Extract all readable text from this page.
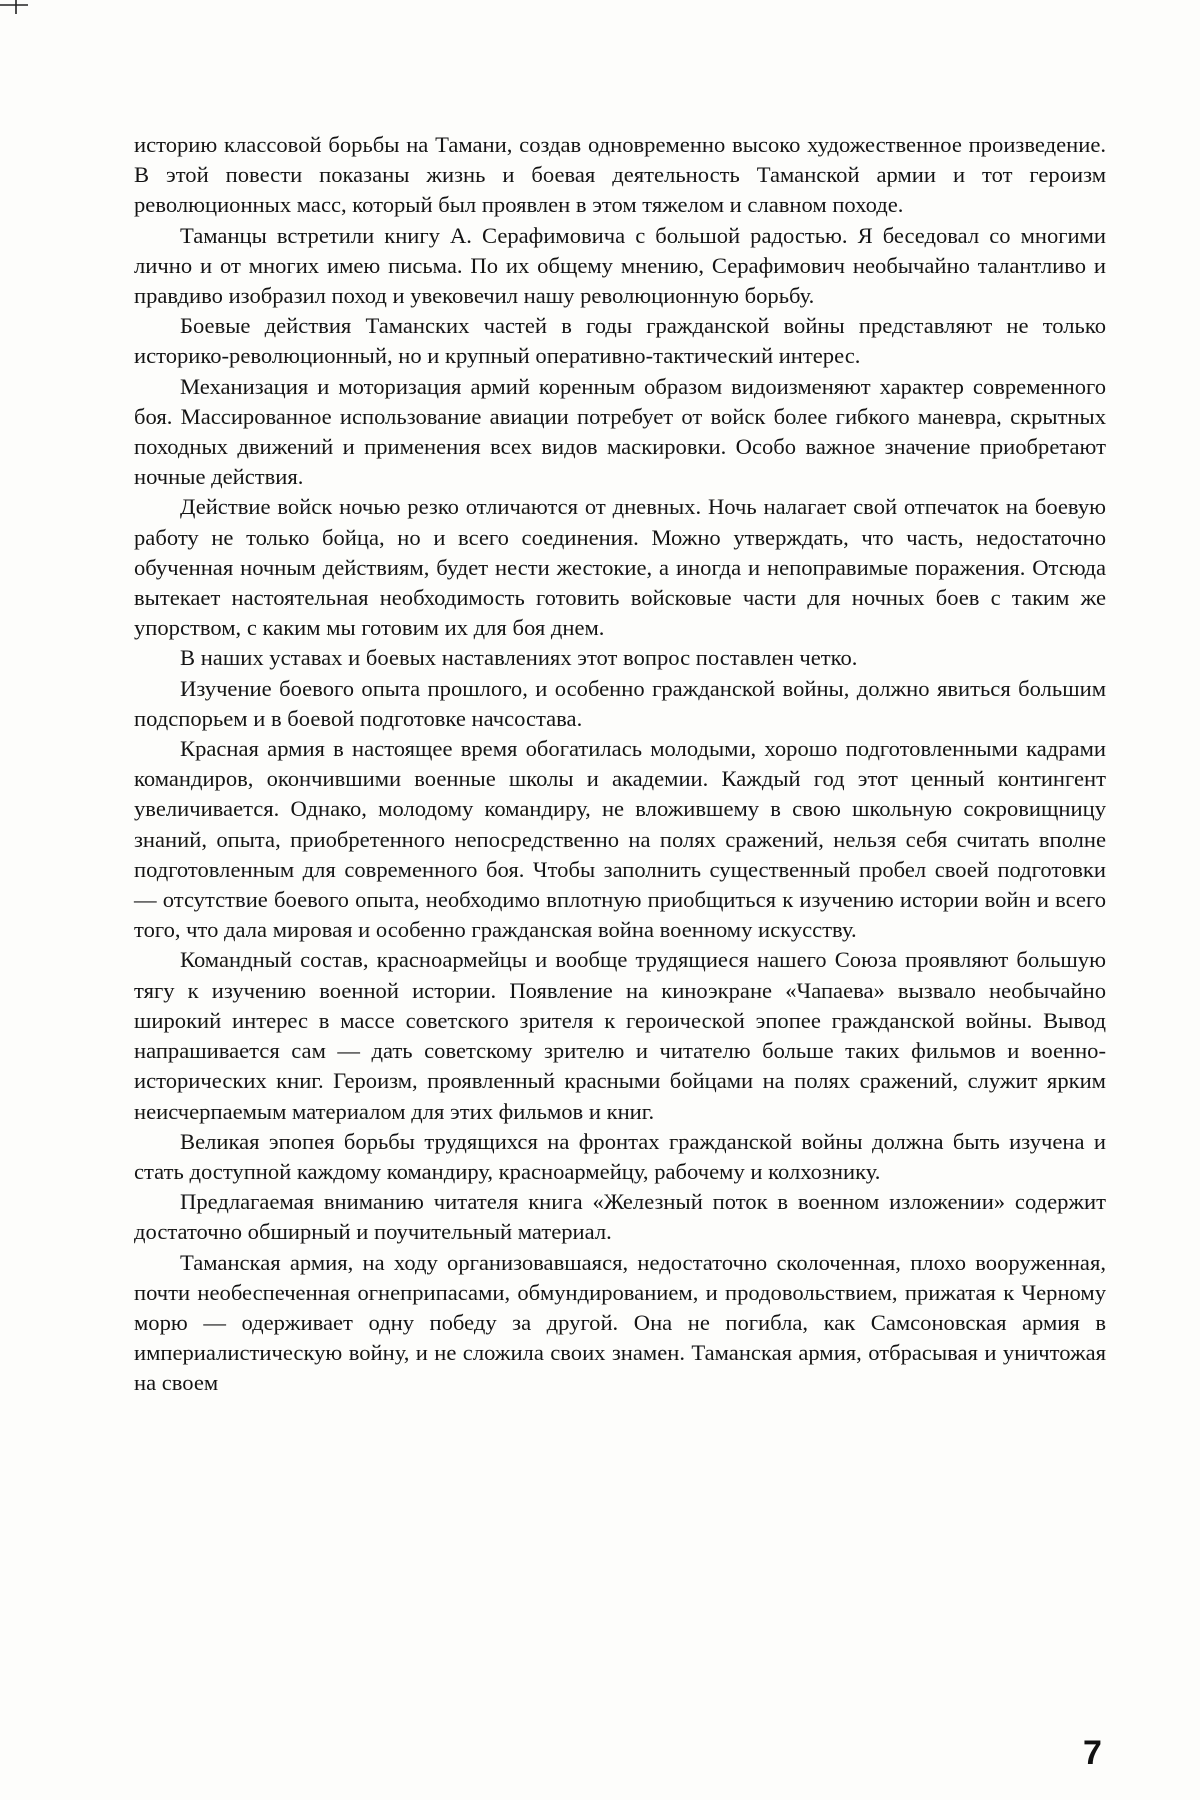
историю классовой борьбы на Тамани, создав одновременно высоко художественное произведение. В этой повести показаны жизнь и боевая деятельность Таманской армии и тот героизм революционных масс, который был проявлен в этом тяжелом и славном походе.

Таманцы встретили книгу А. Серафимовича с большой радостью. Я беседовал со многими лично и от многих имею письма. По их общему мнению, Серафимович необычайно талантливо и правдиво изобразил поход и увековечил нашу революционную борьбу.

Боевые действия Таманских частей в годы гражданской войны представляют не только историко-революционный, но и крупный оперативно-тактический интерес.

Механизация и моторизация армий коренным образом видоизменяют характер современного боя. Массированное использование авиации потребует от войск более гибкого маневра, скрытных походных движений и применения всех видов маскировки. Особо важное значение приобретают ночные действия.

Действие войск ночью резко отличаются от дневных. Ночь налагает свой отпечаток на боевую работу не только бойца, но и всего соединения. Можно утверждать, что часть, недостаточно обученная ночным действиям, будет нести жестокие, а иногда и непоправимые поражения. Отсюда вытекает настоятельная необходимость готовить войсковые части для ночных боев с таким же упорством, с каким мы готовим их для боя днем.

В наших уставах и боевых наставлениях этот вопрос поставлен четко.

Изучение боевого опыта прошлого, и особенно гражданской войны, должно явиться большим подспорьем и в боевой подготовке начсостава.

Красная армия в настоящее время обогатилась молодыми, хорошо подготовленными кадрами командиров, окончившими военные школы и академии. Каждый год этот ценный контингент увеличивается. Однако, молодому командиру, не вложившему в свою школьную сокровищницу знаний, опыта, приобретенного непосредственно на полях сражений, нельзя себя считать вполне подготовленным для современного боя. Чтобы заполнить существенный пробел своей подготовки — отсутствие боевого опыта, необходимо вплотную приобщиться к изучению истории войн и всего того, что дала мировая и особенно гражданская война военному искусству.

Командный состав, красноармейцы и вообще трудящиеся нашего Союза проявляют большую тягу к изучению военной истории. Появление на киноэкране «Чапаева» вызвало необычайно широкий интерес в массе советского зрителя к героической эпопее гражданской войны. Вывод напрашивается сам — дать советскому зрителю и читателю больше таких фильмов и военно-исторических книг. Героизм, проявленный красными бойцами на полях сражений, служит ярким неисчерпаемым материалом для этих фильмов и книг.

Великая эпопея борьбы трудящихся на фронтах гражданской войны должна быть изучена и стать доступной каждому командиру, красноармейцу, рабочему и колхознику.

Предлагаемая вниманию читателя книга «Железный поток в военном изложении» содержит достаточно обширный и поучительный материал.

Таманская армия, на ходу организовавшаяся, недостаточно сколоченная, плохо вооруженная, почти необеспеченная огнеприпасами, обмундированием, и продовольствием, прижатая к Черному морю — одерживает одну победу за другой. Она не погибла, как Самсоновская армия в империалистическую войну, и не сложила своих знамен. Таманская армия, отбрасывая и уничтожая на своем

7
